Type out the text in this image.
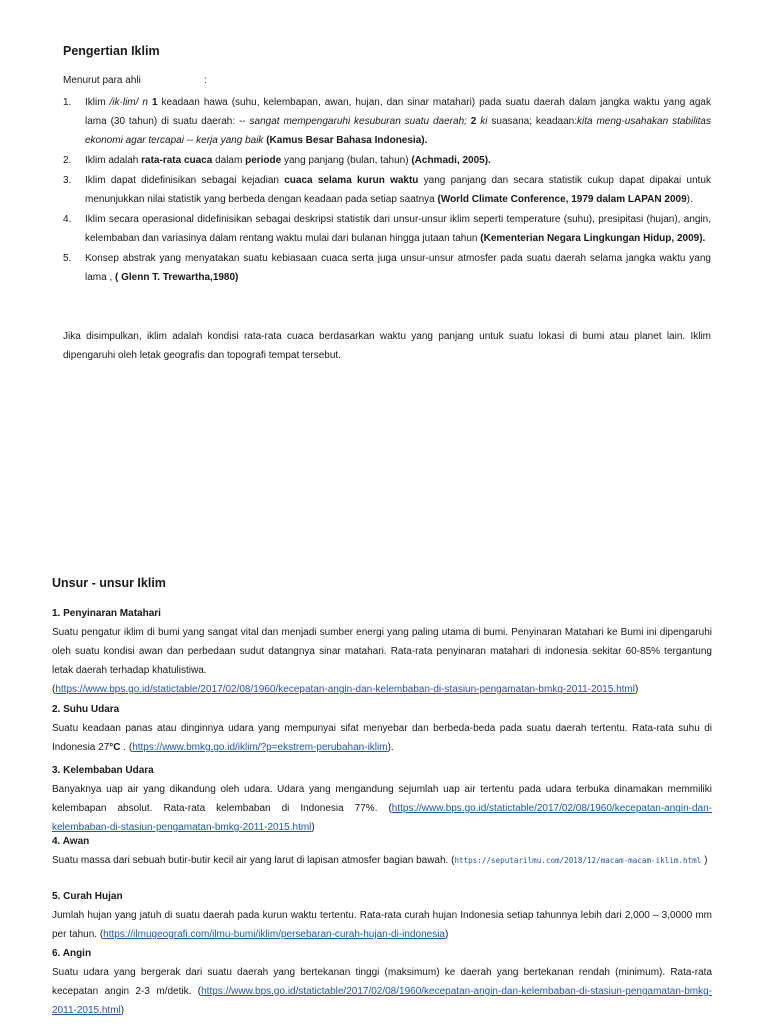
Pengertian Iklim
Menurut para ahli	:
1. Iklim /ik·lim/ n 1 keadaan hawa (suhu, kelembapan, awan, hujan, dan sinar matahari) pada suatu daerah dalam jangka waktu yang agak lama (30 tahun) di suatu daerah: -- sangat mempengaruhi kesuburan suatu daerah; 2 ki suasana; keadaan:kita meng-usahakan stabilitas ekonomi agar tercapai -- kerja yang baik (Kamus Besar Bahasa Indonesia).
2. Iklim adalah rata-rata cuaca dalam periode yang panjang (bulan, tahun) (Achmadi, 2005).
3. Iklim dapat didefinisikan sebagai kejadian cuaca selama kurun waktu yang panjang dan secara statistik cukup dapat dipakai untuk menunjukkan nilai statistik yang berbeda dengan keadaan pada setiap saatnya (World Climate Conference, 1979 dalam LAPAN 2009).
4. Iklim secara operasional didefinisikan sebagai deskripsi statistik dari unsur-unsur iklim seperti temperature (suhu), presipitasi (hujan), angin, kelembaban dan variasinya dalam rentang waktu mulai dari bulanan hingga jutaan tahun (Kementerian Negara Lingkungan Hidup, 2009).
5. Konsep abstrak yang menyatakan suatu kebiasaan cuaca serta juga unsur-unsur atmosfer pada suatu daerah selama jangka waktu yang lama , ( Glenn T. Trewartha,1980)
Jika disimpulkan, iklim adalah kondisi rata-rata cuaca berdasarkan waktu yang panjang untuk suatu lokasi di bumi atau planet lain. Iklim dipengaruhi oleh letak geografis dan topografi tempat tersebut.
Unsur - unsur Iklim
1. Penyinaran Matahari

Suatu pengatur iklim di bumi yang sangat vital dan menjadi sumber energi yang paling utama di bumi. Penyinaran Matahari ke Bumi ini dipengaruhi oleh suatu kondisi awan dan perbedaan sudut datangnya sinar matahari. Rata-rata penyinaran matahari di indonesia sekitar 60-85% tergantung letak daerah terhadap khatulistiwa.
(https://www.bps.go.id/statictable/2017/02/08/1960/kecepatan-angin-dan-kelembaban-di-stasiun-pengamatan-bmkg-2011-2015.html)

2. Suhu Udara

Suatu keadaan panas atau dinginnya udara yang mempunyai sifat menyebar dan berbeda-beda pada suatu daerah tertentu. Rata-rata suhu di Indonesia 27°C . (https://www.bmkg.go.id/iklim/?p=ekstrem-perubahan-iklim).

3. Kelembaban Udara

Banyaknya uap air yang dikandung oleh udara. Udara yang mengandung sejumlah uap air tertentu pada udara terbuka dinamakan memmiliki kelembapan absolut. Rata-rata kelembaban di Indonesia 77%. (https://www.bps.go.id/statictable/2017/02/08/1960/kecepatan-angin-dan-kelembaban-di-stasiun-pengamatan-bmkg-2011-2015.html)

4. Awan

Suatu massa dari sebuah butir-butir kecil air yang larut di lapisan atmosfer bagian bawah. (https://seputarilmu.com/2018/12/macam-macam-iklim.html )

5. Curah Hujan

Jumlah hujan yang jatuh di suatu daerah pada kurun waktu tertentu. Rata-rata curah hujan Indonesia setiap tahunnya lebih dari 2,000 – 3,0000 mm per tahun. (https://ilmugeografi.com/ilmu-bumi/iklim/persebaran-curah-hujan-di-indonesia)

6. Angin

Suatu udara yang bergerak dari suatu daerah yang bertekanan tinggi (maksimum) ke daerah yang bertekanan rendah (minimum). Rata-rata kecepatan angin 2-3 m/detik. (https://www.bps.go.id/statictable/2017/02/08/1960/kecepatan-angin-dan-kelembaban-di-stasiun-pengamatan-bmkg-2011-2015.html)
